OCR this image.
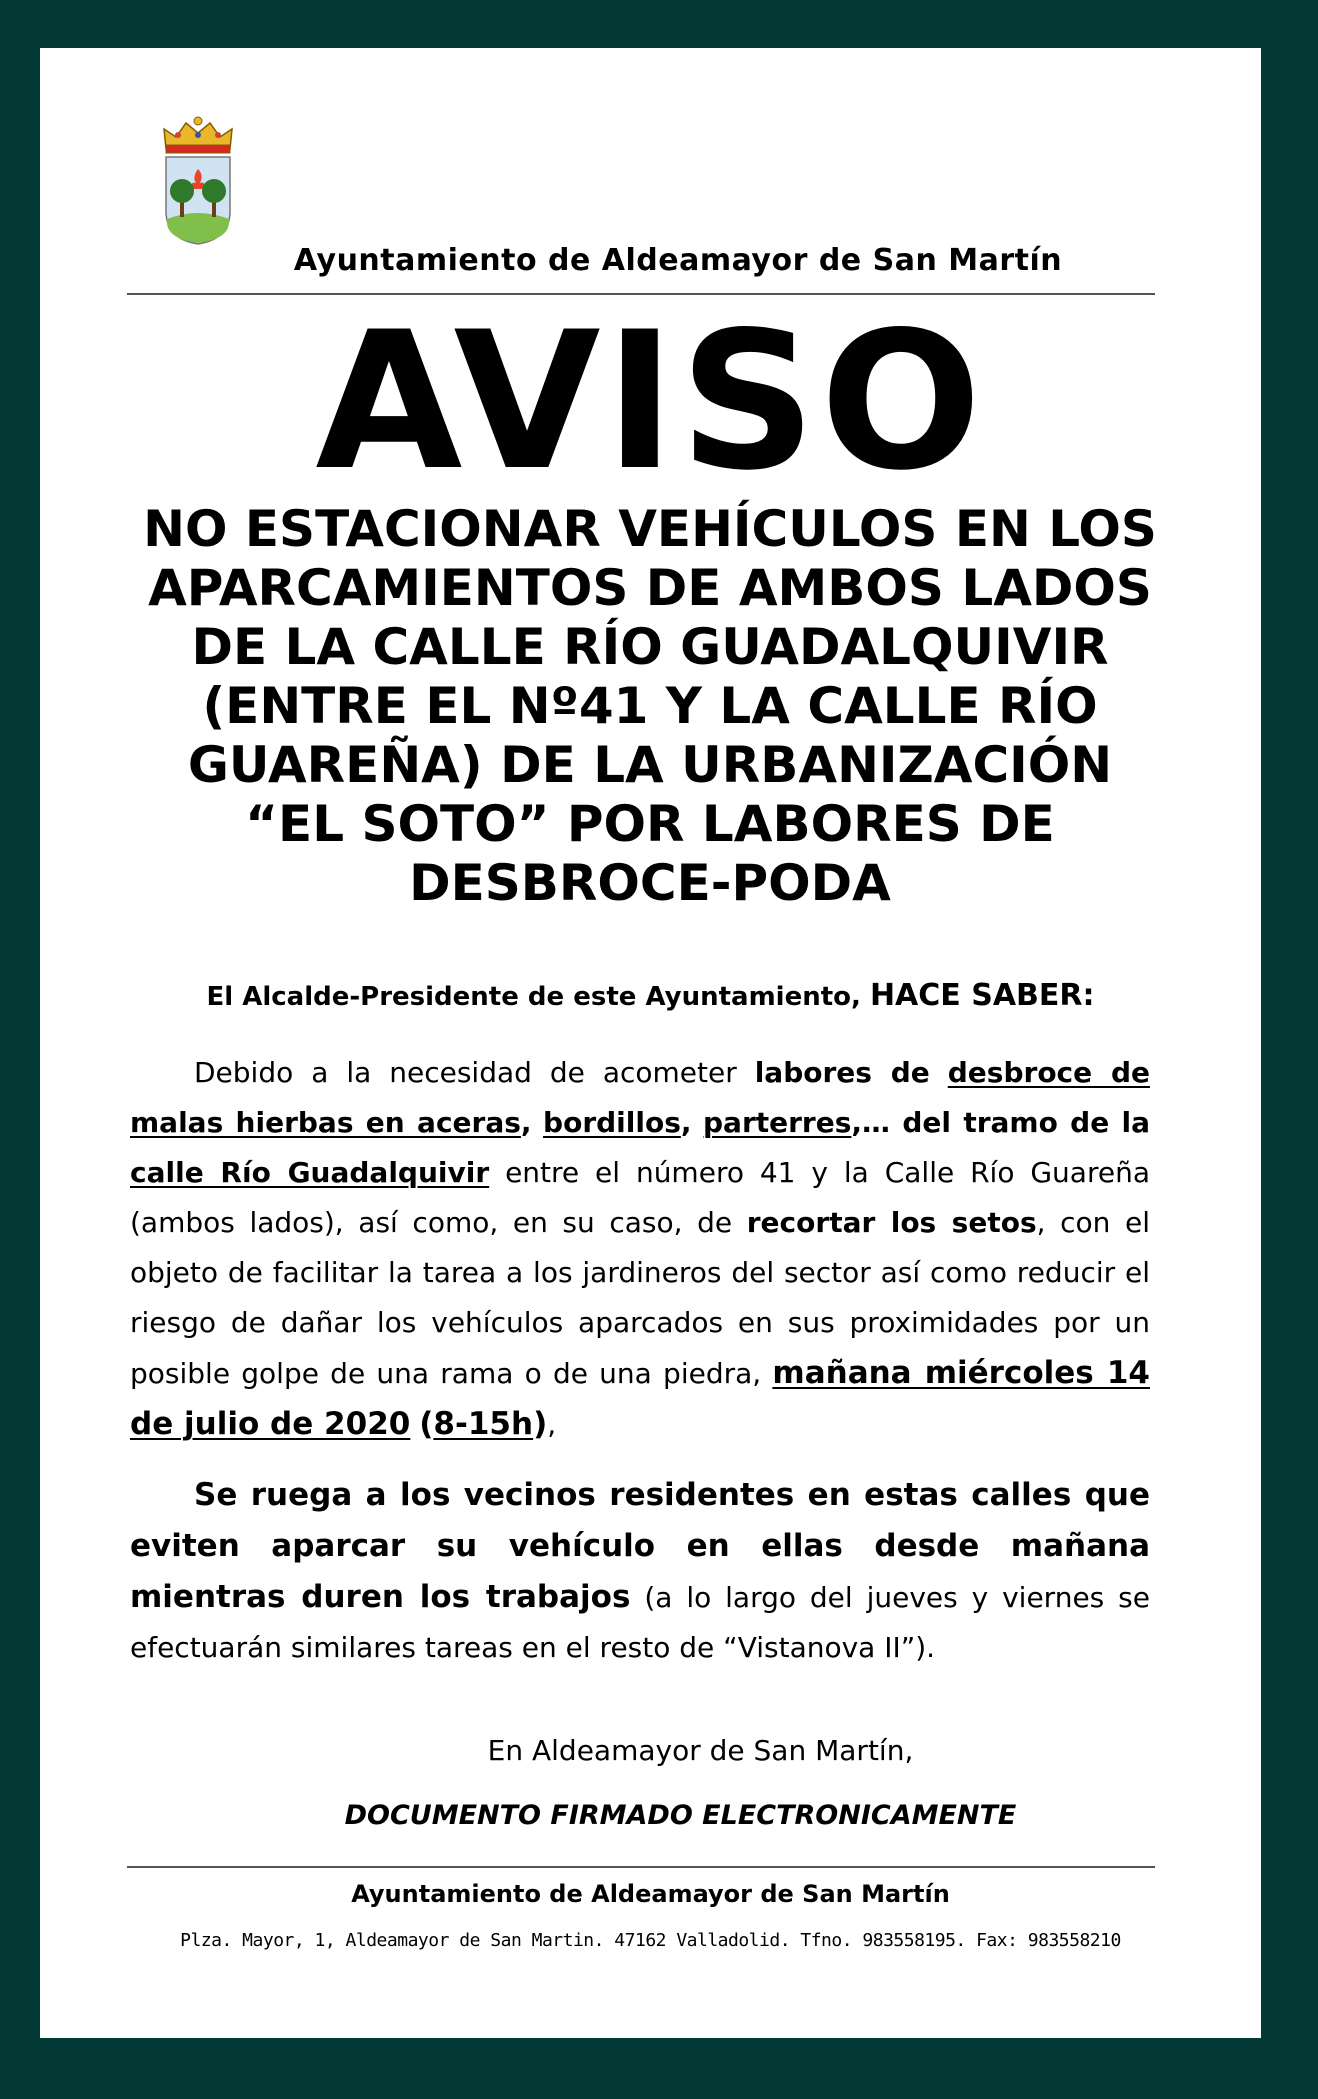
Ayuntamiento de Aldeamayor de San Martín
AVISO
NO ESTACIONAR VEHÍCULOS EN LOS APARCAMIENTOS DE AMBOS LADOS DE LA CALLE RÍO GUADALQUIVIR (ENTRE EL Nº41 Y LA CALLE RÍO GUAREÑA) DE LA URBANIZACIÓN “EL SOTO” POR LABORES DE DESBROCE-PODA
El Alcalde-Presidente de este Ayuntamiento, HACE SABER:
Debido a la necesidad de acometer labores de desbroce de malas hierbas en aceras, bordillos, parterres,… del tramo de la calle Río Guadalquivir entre el número 41 y la Calle Río Guareña (ambos lados), así como, en su caso, de recortar los setos, con el objeto de facilitar la tarea a los jardineros del sector así como reducir el riesgo de dañar los vehículos aparcados en sus proximidades por un posible golpe de una rama o de una piedra, mañana miércoles 14 de julio de 2020 (8-15h),
Se ruega a los vecinos residentes en estas calles que eviten aparcar su vehículo en ellas desde mañana mientras duren los trabajos (a lo largo del jueves y viernes se efectuarán similares tareas en el resto de “Vistanova II”).
En Aldeamayor de San Martín,
DOCUMENTO FIRMADO ELECTRONICAMENTE
Ayuntamiento de Aldeamayor de San Martín
Plza. Mayor, 1, Aldeamayor de San Martin. 47162 Valladolid. Tfno. 983558195. Fax: 983558210
